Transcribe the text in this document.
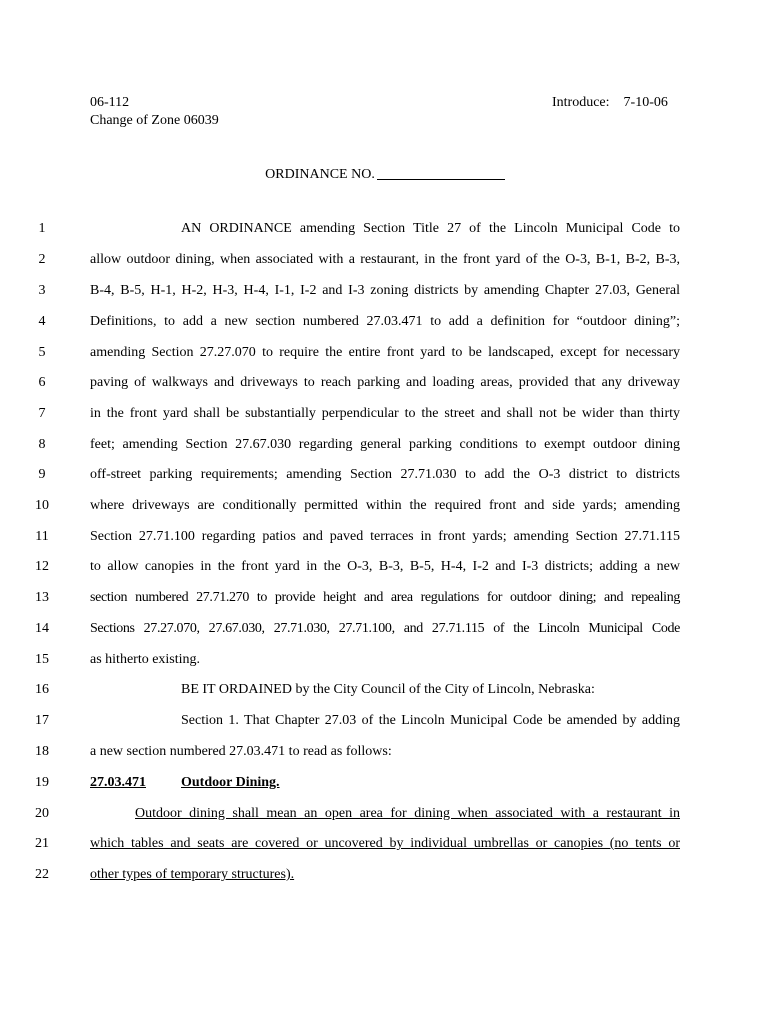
06-112
Change of Zone 06039
Introduce: 7-10-06
ORDINANCE NO.
1	AN ORDINANCE amending Section Title 27 of the Lincoln Municipal Code to
2	allow outdoor dining, when associated with a restaurant, in the front yard of the O-3, B-1, B-2, B-3,
3	B-4, B-5, H-1, H-2, H-3, H-4, I-1, I-2 and I-3 zoning districts by amending Chapter 27.03, General
4	Definitions, to add a new section numbered 27.03.471 to add a definition for “outdoor dining”;
5	amending Section 27.27.070 to require the entire front yard to be landscaped, except for necessary
6	paving of walkways and driveways to reach parking and loading areas, provided that any driveway
7	in the front yard shall be substantially perpendicular to the street and shall not be wider than thirty
8	feet; amending Section 27.67.030 regarding general parking conditions to exempt outdoor dining
9	off-street parking requirements; amending Section 27.71.030 to add the O-3 district to districts
10	where driveways are conditionally permitted within the required front and side yards; amending
11	Section 27.71.100 regarding patios and paved terraces in front yards; amending Section 27.71.115
12	to allow canopies in the front yard in the O-3, B-3, B-5, H-4, I-2 and I-3 districts; adding a new
13	section numbered 27.71.270 to provide height and area regulations for outdoor dining; and repealing
14	Sections 27.27.070, 27.67.030, 27.71.030, 27.71.100, and 27.71.115 of the Lincoln Municipal Code
15	as hitherto existing.
16	BE IT ORDAINED by the City Council of the City of Lincoln, Nebraska:
17	Section 1. That Chapter 27.03 of the Lincoln Municipal Code be amended by adding
18	a new section numbered 27.03.471 to read as follows:
19	27.03.471	Outdoor Dining.
20	Outdoor dining shall mean an open area for dining when associated with a restaurant in
21	which tables and seats are covered or uncovered by individual umbrellas or canopies (no tents or
22	other types of temporary structures).
